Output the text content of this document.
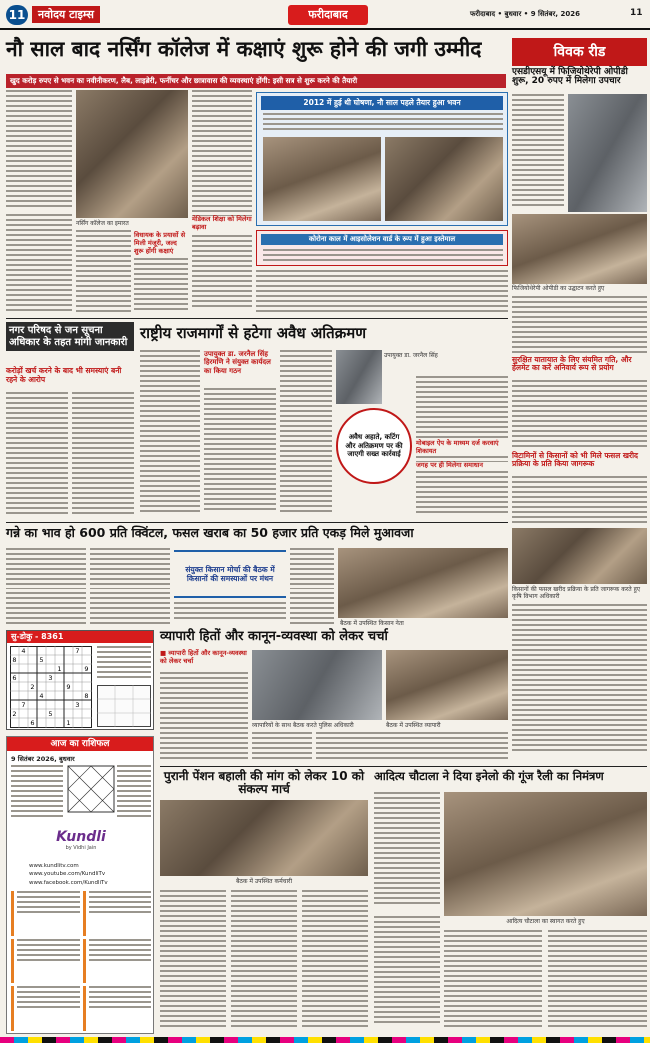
11	नवोदय टाइम्स	फरीदाबाद	फरीदाबाद • बुधवार • 9 सितंबर, 2026	11
नौ साल बाद नर्सिंग कॉलेज में कक्षाएं शुरू होने की जगी उम्मीद
खुद करोड़ रुपए से भवन का नवीनीकरण, लैब, लाइब्रेरी, फर्नीचर और छात्रावास की व्यवस्थाएं होंगी: इसी सत्र से शुरू करने की तैयारी
नर्सिंग कॉलेज का इमारत
विधायक के प्रयासों से मिली मंजूरी, जल्द शुरू होंगी कक्षाएं
मेडिकल शिक्षा को मिलेगा बढ़ावा
2012 में हुई थी घोषणा, नौ साल पहले तैयार हुआ भवन
कोरोना काल में आइसोलेशन वार्ड के रूप में हुआ इस्तेमाल
विवक रीड
एसडीएसयू में फिजियोथेरेपी ओपीडी शुरू, 20 रुपए में मिलेगा उपचार
फिजियोथेरेपी ओपीडी का उद्घाटन करते हुए
सुरक्षित यातायात के लिए संयमित गति, और हेलमेट का करें अनिवार्य रूप से प्रयोग
विटामिनों से किसानों को भी मिले फसल खरीद प्रक्रिया के प्रति किया जागरूक
नगर परिषद से जन सूचना अधिकार के तहत मांगी जानकारी
करोड़ों खर्च करने के बाद भी समस्याएं बनी रहने के आरोप
राष्ट्रीय राजमार्गों से हटेगा अवैध अतिक्रमण
उपायुक्त डा. जरनैल सिंह हिरमणि ने संयुक्त कार्यदल का किया गठन
उपायुक्त डा. जरनैल सिंह
अवैध अहाते, कटिंग और अतिक्रमण पर की जाएगी सख्त कार्रवाई
मोबाइल ऐप के माध्यम दर्ज करवाएं शिकायत
जगह पर ही मिलेगा समाधान
गन्ने का भाव हो 600 प्रति क्विंटल, फसल खराब का 50 हजार प्रति एकड़ मिले मुआवजा
संयुक्त किसान मोर्चा की बैठक में किसानों की समस्याओं पर मंथन
बैठक में उपस्थित किसान नेता
किसानों की फसल खरीद प्रक्रिया के प्रति जागरूक करते हुए कृषि विभाग अधिकारी
सु-डोकु - 8361
4
5
1
7
6	3
2	9
8
4
7	3
5
2
6	1
9
8
व्यापारी हितों और कानून-व्यवस्था को लेकर चर्चा
■ व्यापारी हितों और कानून-व्यवस्था को लेकर चर्चा
व्यापारियों के साथ बैठक करते पुलिस अधिकारी	बैठक में उपस्थित व्यापारी
आज का राशिफल
9 सितंबर 2026, बुधवार
Kundli
by Vidhi Jain
www.kundlitv.com
www.youtube.com/KundliTv
www.facebook.com/KundliTv
पुरानी पेंशन बहाली की मांग को लेकर 10 को संकल्प मार्च
बैठक में उपस्थित कर्मचारी
आदित्य चौटाला ने दिया इनेलो की गूंज रैली का निमंत्रण
आदित्य चौटाला का स्वागत करते हुए
